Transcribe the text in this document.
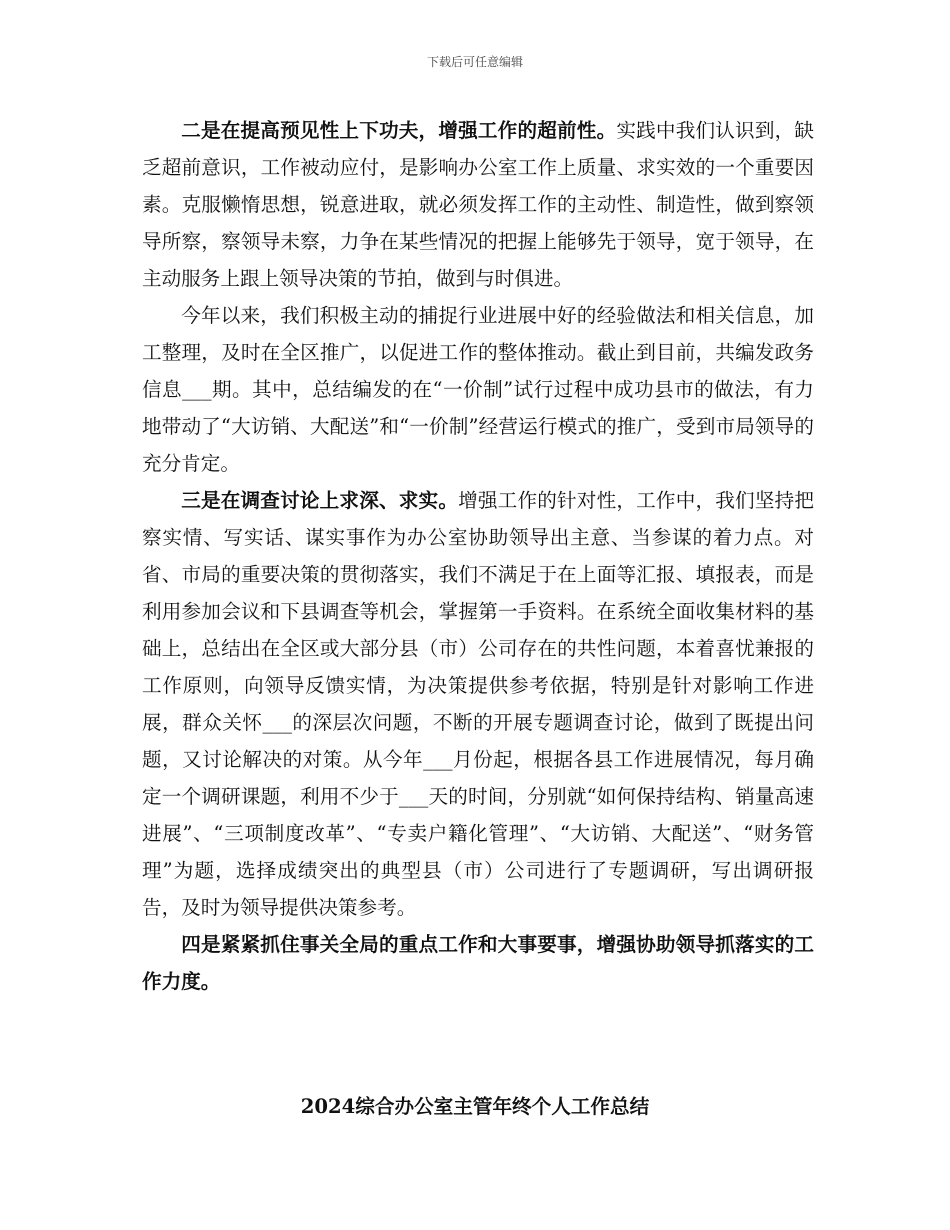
下载后可任意编辑

二是在提高预见性上下功夫，增强工作的超前性。实践中我们认识到，缺乏超前意识，工作被动应付，是影响办公室工作上质量、求实效的一个重要因素。克服懒惰思想，锐意进取，就必须发挥工作的主动性、制造性，做到察领导所察，察领导未察，力争在某些情况的把握上能够先于领导，宽于领导，在主动服务上跟上领导决策的节拍，做到与时俱进。

今年以来，我们积极主动的捕捉行业进展中好的经验做法和相关信息，加工整理，及时在全区推广，以促进工作的整体推动。截止到目前，共编发政务信息___期。其中，总结编发的在“一价制”试行过程中成功县市的做法，有力地带动了“大访销、大配送”和“一价制”经营运行模式的推广，受到市局领导的充分肯定。

三是在调查讨论上求深、求实。增强工作的针对性，工作中，我们坚持把察实情、写实话、谋实事作为办公室协助领导出主意、当参谋的着力点。对省、市局的重要决策的贯彻落实，我们不满足于在上面等汇报、填报表，而是利用参加会议和下县调查等机会，掌握第一手资料。在系统全面收集材料的基础上，总结出在全区或大部分县（市）公司存在的共性问题，本着喜忧兼报的工作原则，向领导反馈实情，为决策提供参考依据，特别是针对影响工作进展，群众关怀___的深层次问题，不断的开展专题调查讨论，做到了既提出问题，又讨论解决的对策。从今年___月份起，根据各县工作进展情况，每月确定一个调研课题，利用不少于___天的时间，分别就“如何保持结构、销量高速进展”、“三项制度改革”、“专卖户籍化管理”、“大访销、大配送”、“财务管理”为题，选择成绩突出的典型县（市）公司进行了专题调研，写出调研报告，及时为领导提供决策参考。

四是紧紧抓住事关全局的重点工作和大事要事，增强协助领导抓落实的工作力度。

2024综合办公室主管年终个人工作总结
